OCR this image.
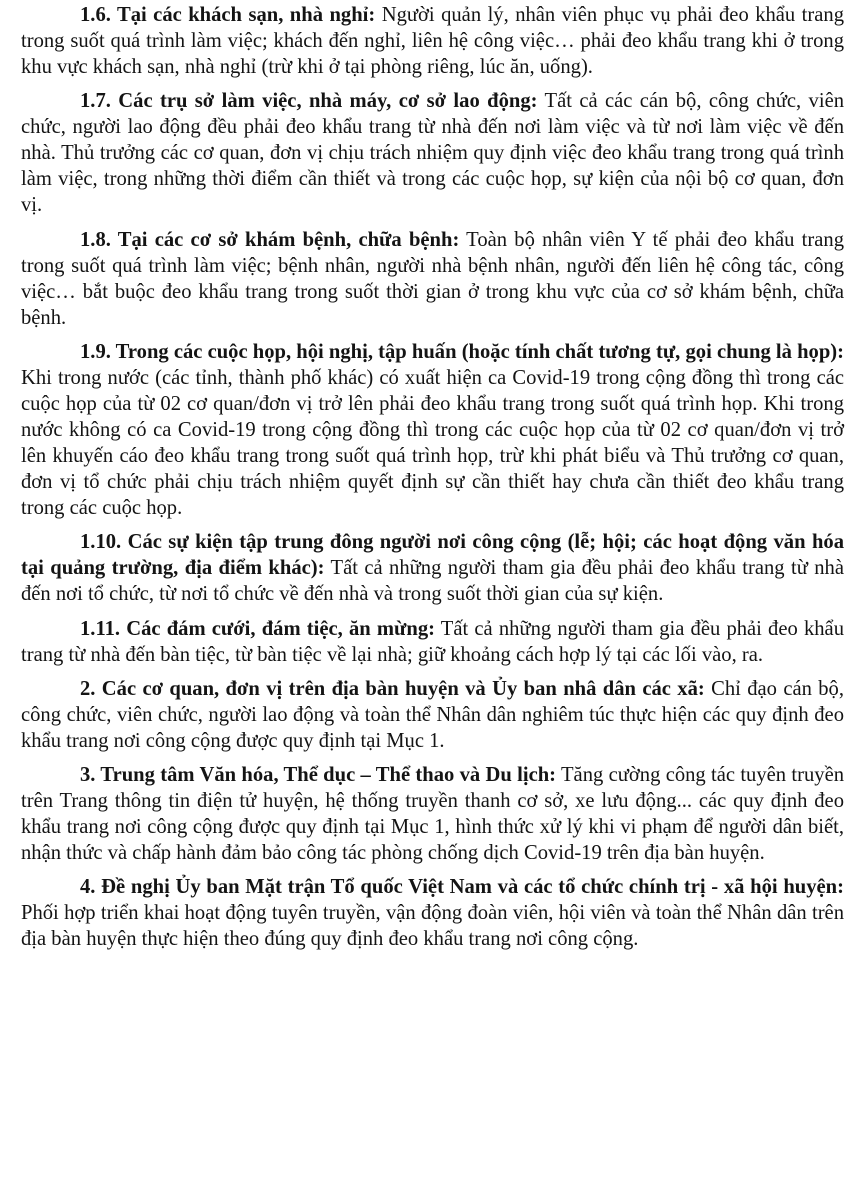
1.6. Tại các khách sạn, nhà nghỉ: Người quản lý, nhân viên phục vụ phải đeo khẩu trang trong suốt quá trình làm việc; khách đến nghỉ, liên hệ công việc… phải đeo khẩu trang khi ở trong khu vực khách sạn, nhà nghỉ (trừ khi ở tại phòng riêng, lúc ăn, uống).

1.7. Các trụ sở làm việc, nhà máy, cơ sở lao động: Tất cả các cán bộ, công chức, viên chức, người lao động đều phải đeo khẩu trang từ nhà đến nơi làm việc và từ nơi làm việc về đến nhà. Thủ trưởng các cơ quan, đơn vị chịu trách nhiệm quy định việc đeo khẩu trang trong quá trình làm việc, trong những thời điểm cần thiết và trong các cuộc họp, sự kiện của nội bộ cơ quan, đơn vị.

1.8. Tại các cơ sở khám bệnh, chữa bệnh: Toàn bộ nhân viên Y tế phải đeo khẩu trang trong suốt quá trình làm việc; bệnh nhân, người nhà bệnh nhân, người đến liên hệ công tác, công việc… bắt buộc đeo khẩu trang trong suốt thời gian ở trong khu vực của cơ sở khám bệnh, chữa bệnh.

1.9. Trong các cuộc họp, hội nghị, tập huấn (hoặc tính chất tương tự, gọi chung là họp): Khi trong nước (các tỉnh, thành phố khác) có xuất hiện ca Covid-19 trong cộng đồng thì trong các cuộc họp của từ 02 cơ quan/đơn vị trở lên phải đeo khẩu trang trong suốt quá trình họp. Khi trong nước không có ca Covid-19 trong cộng đồng thì trong các cuộc họp của từ 02 cơ quan/đơn vị trở lên khuyến cáo đeo khẩu trang trong suốt quá trình họp, trừ khi phát biểu và Thủ trưởng cơ quan, đơn vị tổ chức phải chịu trách nhiệm quyết định sự cần thiết hay chưa cần thiết đeo khẩu trang trong các cuộc họp.

1.10. Các sự kiện tập trung đông người nơi công cộng (lễ; hội; các hoạt động văn hóa tại quảng trường, địa điểm khác): Tất cả những người tham gia đều phải đeo khẩu trang từ nhà đến nơi tổ chức, từ nơi tổ chức về đến nhà và trong suốt thời gian của sự kiện.

1.11. Các đám cưới, đám tiệc, ăn mừng: Tất cả những người tham gia đều phải đeo khẩu trang từ nhà đến bàn tiệc, từ bàn tiệc về lại nhà; giữ khoảng cách hợp lý tại các lối vào, ra.

2. Các cơ quan, đơn vị trên địa bàn huyện và Ủy ban nhâ dân các xã: Chỉ đạo cán bộ, công chức, viên chức, người lao động và toàn thể Nhân dân nghiêm túc thực hiện các quy định đeo khẩu trang nơi công cộng được quy định tại Mục 1.

3. Trung tâm Văn hóa, Thể dục – Thể thao và Du lịch: Tăng cường công tác tuyên truyền trên Trang thông tin điện tử huyện, hệ thống truyền thanh cơ sở, xe lưu động... các quy định đeo khẩu trang nơi công cộng được quy định tại Mục 1, hình thức xử lý khi vi phạm để người dân biết, nhận thức và chấp hành đảm bảo công tác phòng chống dịch Covid-19 trên địa bàn huyện.

4. Đề nghị Ủy ban Mặt trận Tổ quốc Việt Nam và các tổ chức chính trị - xã hội huyện: Phối hợp triển khai hoạt động tuyên truyền, vận động đoàn viên, hội viên và toàn thể Nhân dân trên địa bàn huyện thực hiện theo đúng quy định đeo khẩu trang nơi công cộng.
